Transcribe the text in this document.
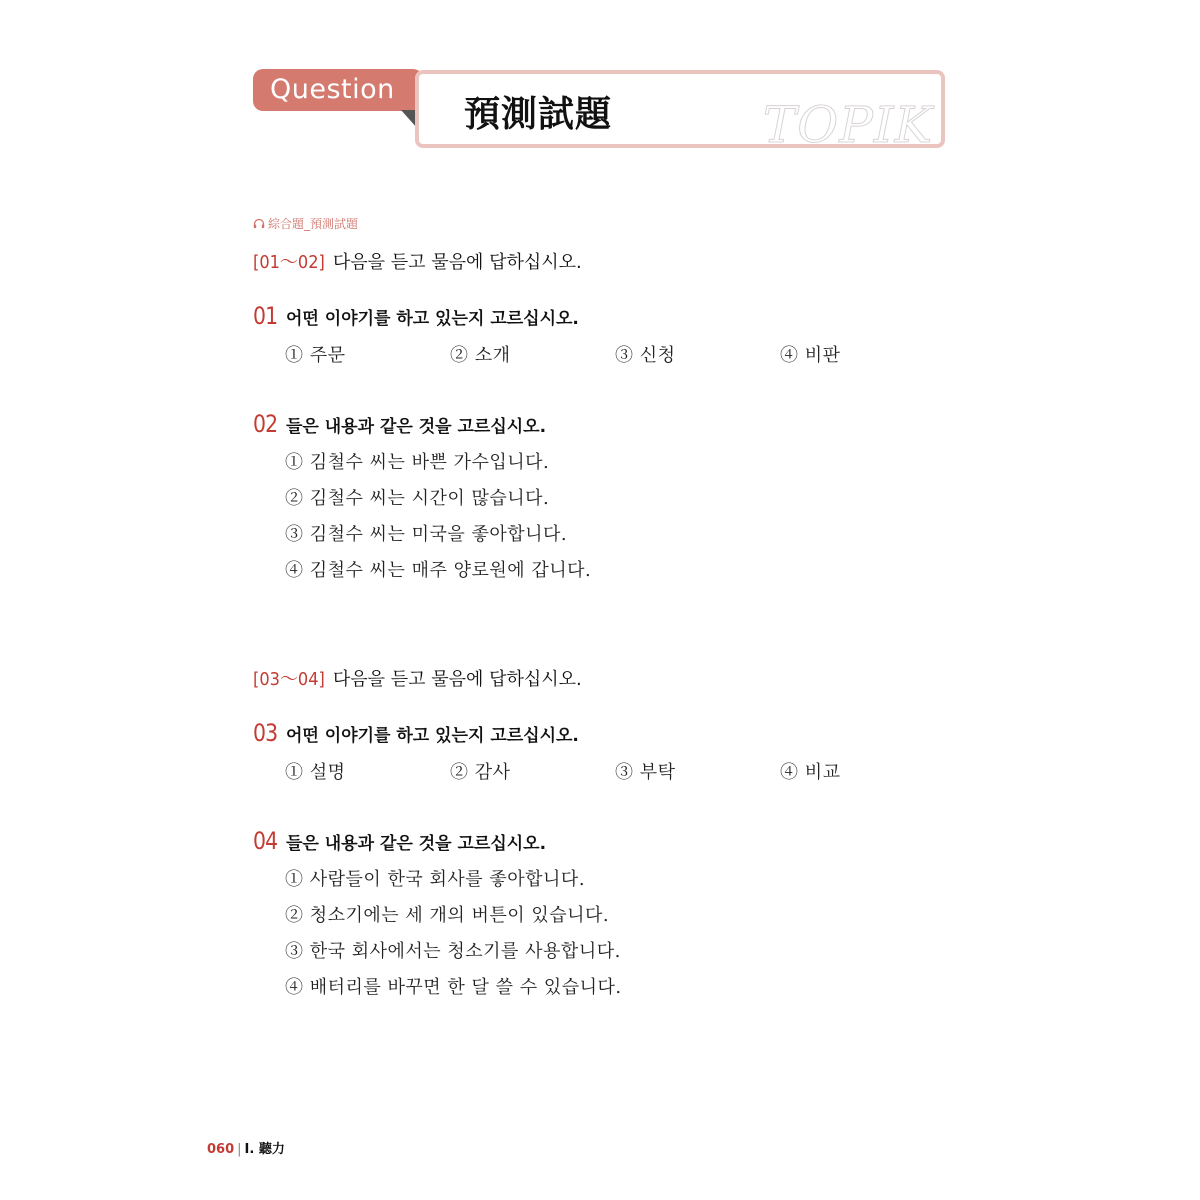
Question
預測試題	TOPIK
綜合題_預測試題
[01～02] 다음을 듣고 물음에 답하십시오.
01 어떤 이야기를 하고 있는지 고르십시오.
① 주문	② 소개	③ 신청	④ 비판
02 들은 내용과 같은 것을 고르십시오.
① 김철수 씨는 바쁜 가수입니다.
② 김철수 씨는 시간이 많습니다.
③ 김철수 씨는 미국을 좋아합니다.
④ 김철수 씨는 매주 양로원에 갑니다.
[03～04] 다음을 듣고 물음에 답하십시오.
03 어떤 이야기를 하고 있는지 고르십시오.
① 설명	② 감사	③ 부탁	④ 비교
04 들은 내용과 같은 것을 고르십시오.
① 사람들이 한국 회사를 좋아합니다.
② 청소기에는 세 개의 버튼이 있습니다.
③ 한국 회사에서는 청소기를 사용합니다.
④ 배터리를 바꾸면 한 달 쓸 수 있습니다.
060 | I. 聽力
